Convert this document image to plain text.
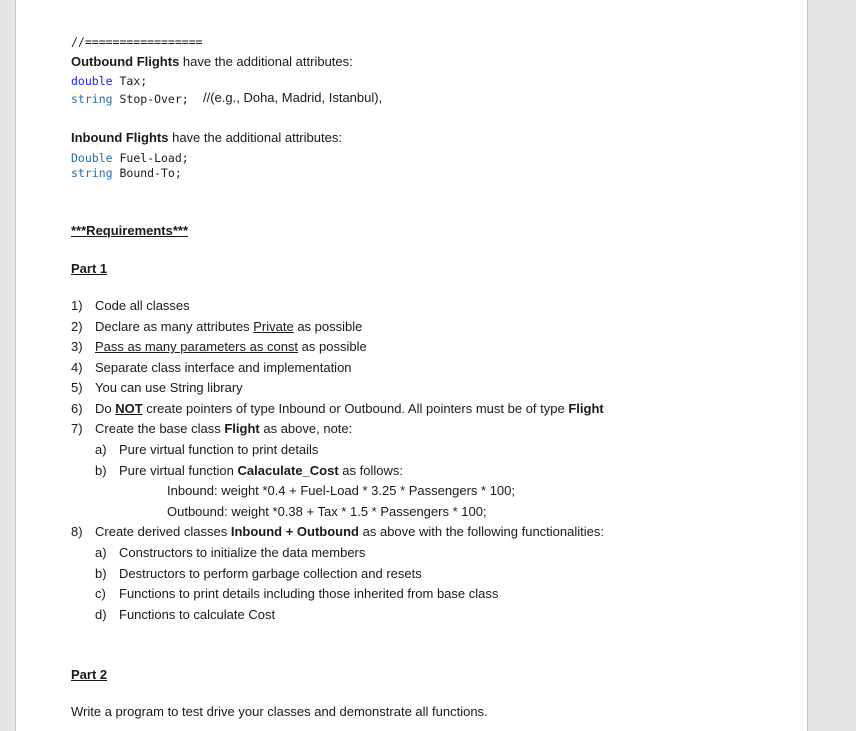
//=================
Outbound Flights have the additional attributes:
double Tax;
string Stop-Over; //(e.g., Doha, Madrid, Istanbul),
Inbound Flights have the additional attributes:
Double Fuel-Load;
string Bound-To;
***Requirements***
Part 1
1) Code all classes
2) Declare as many attributes Private as possible
3) Pass as many parameters as const as possible
4) Separate class interface and implementation
5) You can use String library
6) Do NOT create pointers of type Inbound or Outbound. All pointers must be of type Flight
7) Create the base class Flight as above, note:
a) Pure virtual function to print details
b) Pure virtual function Calaculate_Cost as follows:
Inbound: weight *0.4 + Fuel-Load * 3.25 * Passengers * 100;
Outbound: weight *0.38 + Tax * 1.5 * Passengers * 100;
8) Create derived classes Inbound + Outbound as above with the following functionalities:
a) Constructors to initialize the data members
b) Destructors to perform garbage collection and resets
c) Functions to print details including those inherited from base class
d) Functions to calculate Cost
Part 2
Write a program to test drive your classes and demonstrate all functions.
